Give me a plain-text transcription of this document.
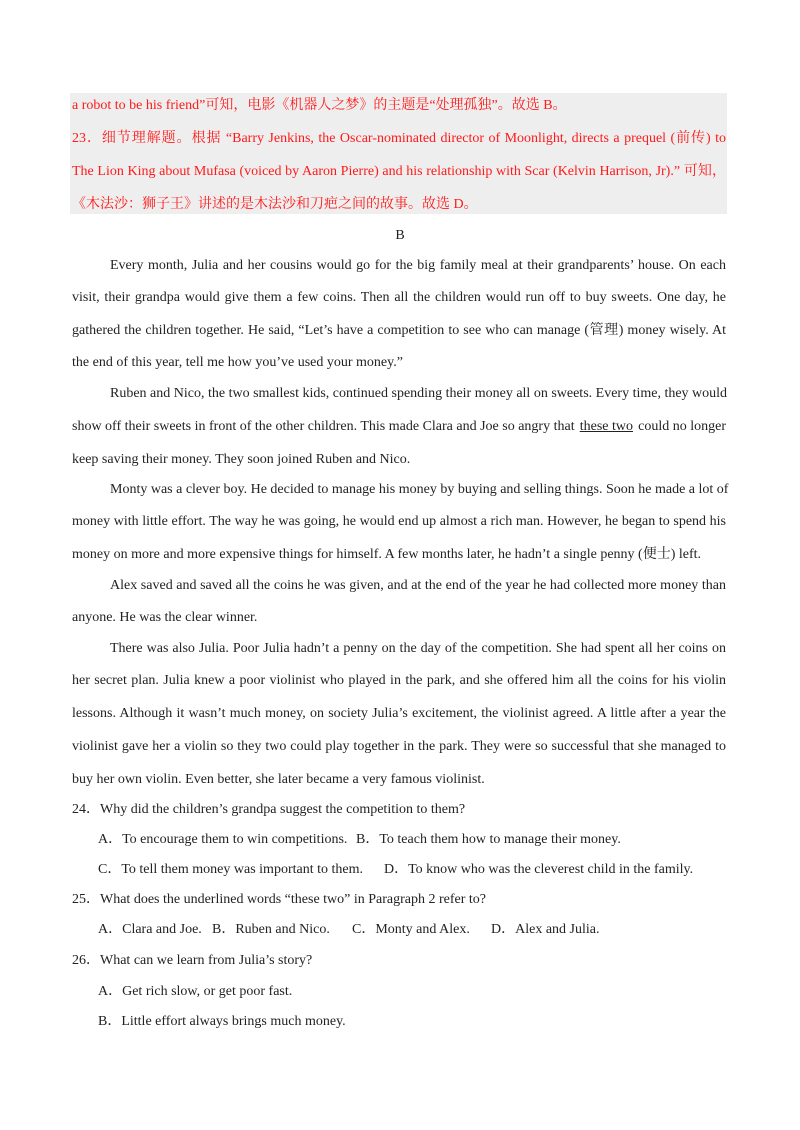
a robot to be his friend”可知，电影《机器人之梦》的主题是“处理孤独”。故选 B。
23．细节理解题。根据 “Barry Jenkins, the Oscar-nominated director of Moonlight, directs a prequel (前传) to
The Lion King about Mufasa (voiced by Aaron Pierre) and his relationship with Scar (Kelvin Harrison, Jr).” 可知，
《木法沙：狮子王》讲述的是木法沙和刀疤之间的故事。故选 D。
B
Every month, Julia and her cousins would go for the big family meal at their grandparents’ house. On each
visit, their grandpa would give them a few coins. Then all the children would run off to buy sweets. One day, he
gathered the children together. He said, “Let’s have a competition to see who can manage (管理) money wisely. At
the end of this year, tell me how you’ve used your money.”
Ruben and Nico, the two smallest kids, continued spending their money all on sweets. Every time, they would
show off their sweets in front of the other children. This made Clara and Joe so angry that these two could no longer
keep saving their money. They soon joined Ruben and Nico.
Monty was a clever boy. He decided to manage his money by buying and selling things. Soon he made a lot of
money with little effort. The way he was going, he would end up almost a rich man. However, he began to spend his
money on more and more expensive things for himself. A few months later, he hadn’t a single penny (便士) left.
Alex saved and saved all the coins he was given, and at the end of the year he had collected more money than
anyone. He was the clear winner.
There was also Julia. Poor Julia hadn’t a penny on the day of the competition. She had spent all her coins on
her secret plan. Julia knew a poor violinist who played in the park, and she offered him all the coins for his violin
lessons. Although it wasn’t much money, on society Julia’s excitement, the violinist agreed. A little after a year the
violinist gave her a violin so they two could play together in the park. They were so successful that she managed to
buy her own violin. Even better, she later became a very famous violinist.
24．Why did the children’s grandpa suggest the competition to them?
A．To encourage them to win competitions. B．To teach them how to manage their money.
C．To tell them money was important to them. D．To know who was the cleverest child in the family.
25．What does the underlined words “these two” in Paragraph 2 refer to?
A．Clara and Joe. B．Ruben and Nico. C．Monty and Alex. D．Alex and Julia.
26．What can we learn from Julia’s story?
A．Get rich slow, or get poor fast.
B．Little effort always brings much money.
